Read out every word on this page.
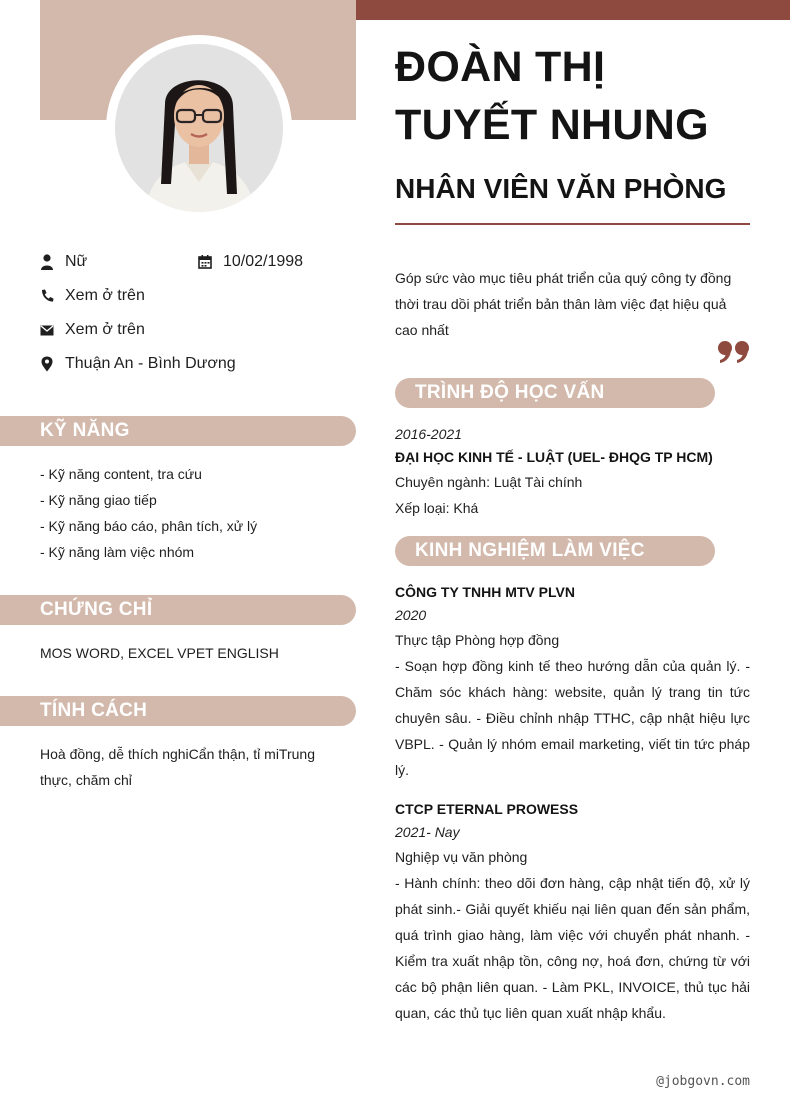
ĐOÀN THỊ
TUYẾT NHUNG
NHÂN VIÊN VĂN PHÒNG
Nữ	10/02/1998
Xem ở trên
Xem ở trên
Thuận An - Bình Dương
KỸ NĂNG
- Kỹ năng content, tra cứu
- Kỹ năng giao tiếp
- Kỹ năng báo cáo, phân tích, xử lý
- Kỹ năng làm việc nhóm
CHỨNG CHỈ
MOS WORD, EXCEL VPET ENGLISH
TÍNH CÁCH
Hoà đồng, dễ thích nghiCẩn thận, tỉ miTrung thực, chăm chỉ
Góp sức vào mục tiêu phát triển của quý công ty đồng thời trau dồi phát triển bản thân làm việc đạt hiệu quả cao nhất
TRÌNH ĐỘ HỌC VẤN
2016-2021
ĐẠI HỌC KINH TẾ - LUẬT (UEL- ĐHQG TP HCM)
Chuyên ngành: Luật Tài chính
Xếp loại: Khá
KINH NGHIỆM LÀM VIỆC
CÔNG TY TNHH MTV PLVN
2020
Thực tập Phòng hợp đồng
- Soạn hợp đồng kinh tế theo hướng dẫn của quản lý. - Chăm sóc khách hàng: website, quản lý trang tin tức chuyên sâu. - Điều chỉnh nhập TTHC, cập nhật hiệu lực VBPL. - Quản lý nhóm email marketing, viết tin tức pháp lý.
CTCP ETERNAL PROWESS
2021- Nay
Nghiệp vụ văn phòng
- Hành chính: theo dõi đơn hàng, cập nhật tiến độ, xử lý phát sinh.- Giải quyết khiếu nại liên quan đến sản phẩm, quá trình giao hàng, làm việc với chuyển phát nhanh. - Kiểm tra xuất nhập tồn, công nợ, hoá đơn, chứng từ với các bộ phận liên quan. - Làm PKL, INVOICE, thủ tục hải quan, các thủ tục liên quan xuất nhập khẩu.
@jobgovn.com
